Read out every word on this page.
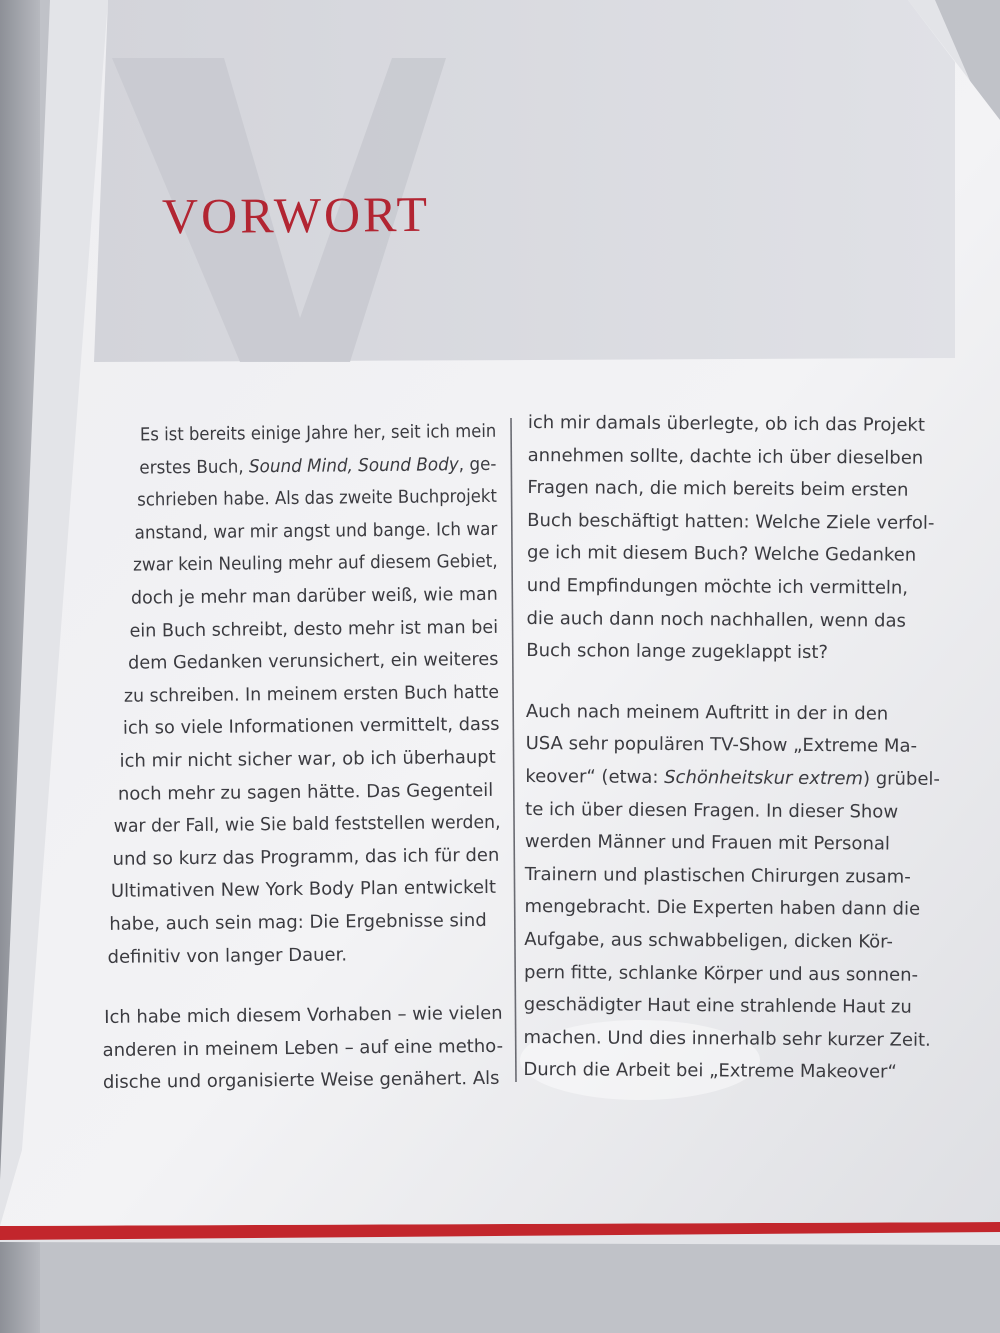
VORWORT

Es ist bereits einige Jahre her, seit ich mein
erstes Buch, Sound Mind, Sound Body, ge-
schrieben habe. Als das zweite Buchprojekt
anstand, war mir angst und bange. Ich war
zwar kein Neuling mehr auf diesem Gebiet,
doch je mehr man darüber weiß, wie man
ein Buch schreibt, desto mehr ist man bei
dem Gedanken verunsichert, ein weiteres
zu schreiben. In meinem ersten Buch hatte
ich so viele Informationen vermittelt, dass
ich mir nicht sicher war, ob ich überhaupt
noch mehr zu sagen hätte. Das Gegenteil
war der Fall, wie Sie bald feststellen werden,
und so kurz das Programm, das ich für den
Ultimativen New York Body Plan entwickelt
habe, auch sein mag: Die Ergebnisse sind
definitiv von langer Dauer.

Ich habe mich diesem Vorhaben – wie vielen
anderen in meinem Leben – auf eine metho-
dische und organisierte Weise genähert. Als

ich mir damals überlegte, ob ich das Projekt
annehmen sollte, dachte ich über dieselben
Fragen nach, die mich bereits beim ersten
Buch beschäftigt hatten: Welche Ziele verfol-
ge ich mit diesem Buch? Welche Gedanken
und Empfindungen möchte ich vermitteln,
die auch dann noch nachhallen, wenn das
Buch schon lange zugeklappt ist?

Auch nach meinem Auftritt in der in den
USA sehr populären TV-Show „Extreme Ma-
keover“ (etwa: Schönheitskur extrem) grübel-
te ich über diesen Fragen. In dieser Show
werden Männer und Frauen mit Personal
Trainern und plastischen Chirurgen zusam-
mengebracht. Die Experten haben dann die
Aufgabe, aus schwabbeligen, dicken Kör-
pern fitte, schlanke Körper und aus sonnen-
geschädigter Haut eine strahlende Haut zu
machen. Und dies innerhalb sehr kurzer Zeit.
Durch die Arbeit bei „Extreme Makeover“
